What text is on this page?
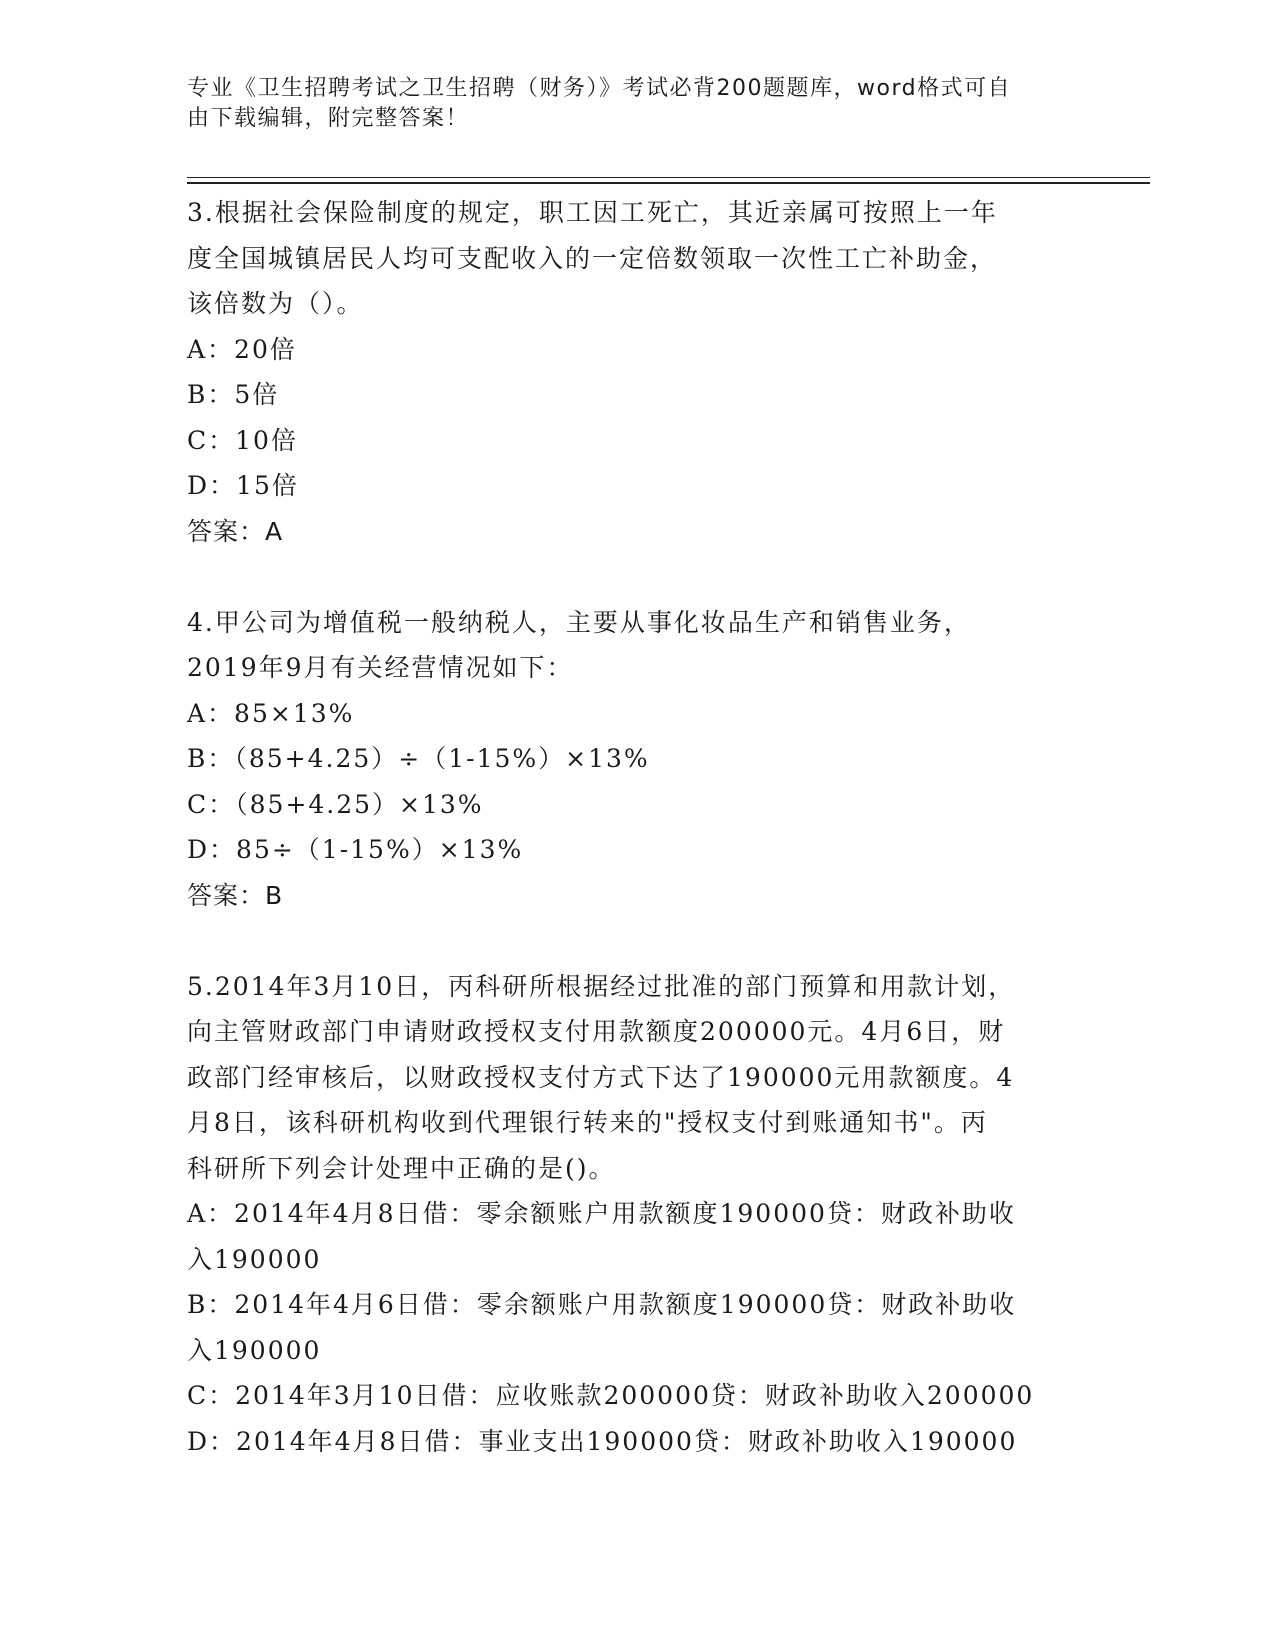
专业《卫生招聘考试之卫生招聘（财务）》考试必背200题题库，word格式可自
由下载编辑，附完整答案！
3.根据社会保险制度的规定，职工因工死亡，其近亲属可按照上一年
度全国城镇居民人均可支配收入的一定倍数领取一次性工亡补助金，
该倍数为（）。
A：20倍
B：5倍
C：10倍
D：15倍
答案：A
4.甲公司为增值税一般纳税人，主要从事化妆品生产和销售业务，
2019年9月有关经营情况如下：
A：85×13%
B：（85+4.25）÷（1-15%）×13%
C：（85+4.25）×13%
D：85÷（1-15%）×13%
答案：B
5.2014年3月10日，丙科研所根据经过批准的部门预算和用款计划，
向主管财政部门申请财政授权支付用款额度200000元。4月6日，财
政部门经审核后，以财政授权支付方式下达了190000元用款额度。4
月8日，该科研机构收到代理银行转来的"授权支付到账通知书"。丙
科研所下列会计处理中正确的是()。
A：2014年4月8日借：零余额账户用款额度190000贷：财政补助收
入190000
B：2014年4月6日借：零余额账户用款额度190000贷：财政补助收
入190000
C：2014年3月10日借：应收账款200000贷：财政补助收入200000
D：2014年4月8日借：事业支出190000贷：财政补助收入190000
